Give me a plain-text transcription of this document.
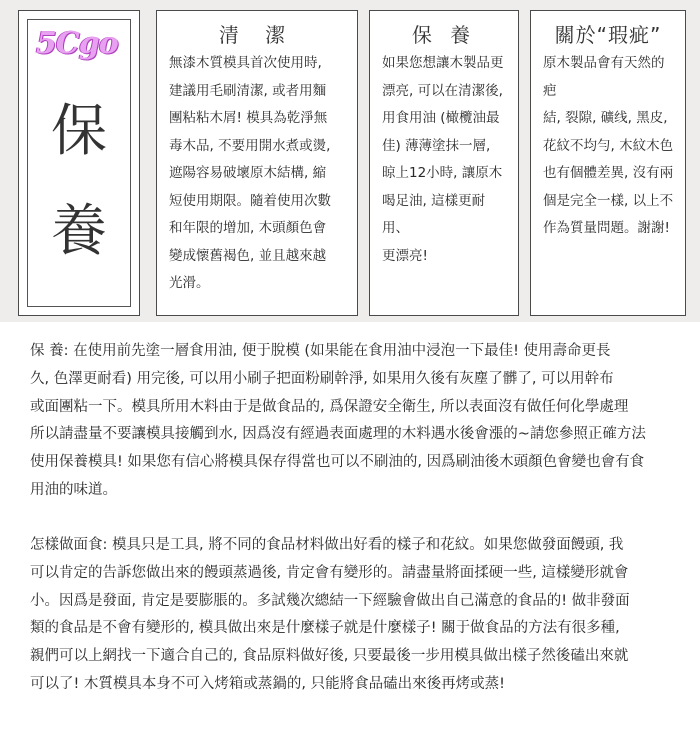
5Cgo
保
養
清 潔
無漆木質模具首次使用時,
建議用毛刷清潔, 或者用麵
團粘粘木屑! 模具為乾淨無
毒木品, 不要用開水煮或燙,
遮陽容易破壞原木結構, 縮
短使用期限。隨着使用次數
和年限的增加, 木頭顏色會
變成懷舊褐色, 並且越來越
光滑。
保 養
如果您想讓木製品更
漂亮, 可以在清潔後,
用食用油 (橄欖油最
佳) 薄薄塗抹一層,
晾上12小時, 讓原木
喝足油, 這樣更耐用、
更漂亮!
關於“瑕疵”
原木製品會有天然的疤
結, 裂隙, 礦线, 黑皮,
花紋不均勻, 木紋木色
也有個體差異, 沒有兩
個是完全一樣, 以上不
作為質量問題。謝謝!
保 養: 在使用前先塗一層食用油, 便于脫模 (如果能在食用油中浸泡一下最佳! 使用壽命更長
久, 色澤更耐看) 用完後, 可以用小刷子把面粉刷幹淨, 如果用久後有灰塵了髒了, 可以用幹布
或面團粘一下。模具所用木料由于是做食品的, 爲保證安全衛生, 所以表面沒有做任何化學處理
所以請盡量不要讓模具接觸到水, 因爲沒有經過表面處理的木料遇水後會漲的~請您參照正確方法
使用保養模具! 如果您有信心將模具保存得當也可以不刷油的, 因爲刷油後木頭顏色會變也會有食
用油的味道。
怎樣做面食: 模具只是工具, 將不同的食品材料做出好看的樣子和花紋。如果您做發面饅頭, 我
可以肯定的告訴您做出來的饅頭蒸過後, 肯定會有變形的。請盡量將面揉硬一些, 這樣變形就會
小。因爲是發面, 肯定是要膨脹的。多試幾次總結一下經驗會做出自己滿意的食品的! 做非發面
類的食品是不會有變形的, 模具做出來是什麼樣子就是什麼樣子! 關于做食品的方法有很多種,
親們可以上網找一下適合自己的, 食品原料做好後, 只要最後一步用模具做出樣子然後磕出來就
可以了! 木質模具本身不可入烤箱或蒸鍋的, 只能將食品磕出來後再烤或蒸!
